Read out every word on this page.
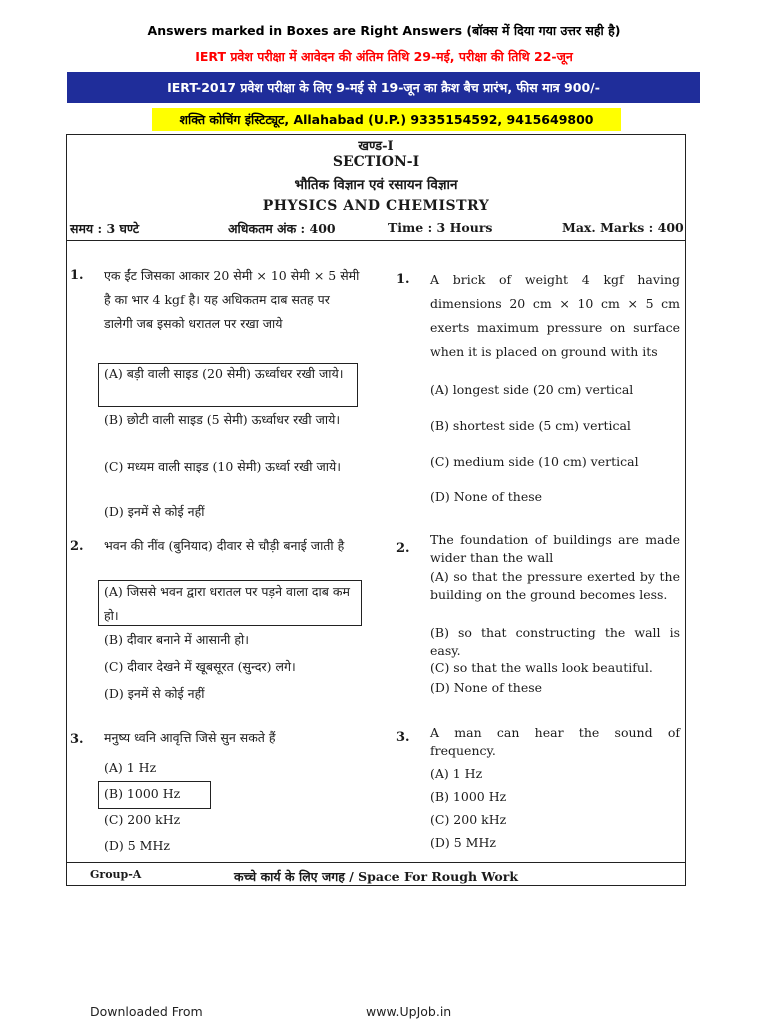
Answers marked in Boxes are Right Answers (बॉक्स में दिया गया उत्तर सही है)
IERT प्रवेश परीक्षा में आवेदन की अंतिम तिथि 29-मई, परीक्षा की तिथि 22-जून
IERT-2017 प्रवेश परीक्षा के लिए 9-मई से 19-जून का क्रैश बैच प्रारंभ, फीस मात्र 900/-
शक्ति कोचिंग इंस्टिट्यूट, Allahabad (U.P.) 9335154592, 9415649800
खण्ड-I
SECTION-I
भौतिक विज्ञान एवं रसायन विज्ञान
PHYSICS AND CHEMISTRY
समय : 3 घण्टे	अधिकतम अंक : 400	Time : 3 Hours	Max. Marks : 400
1. एक ईंट जिसका आकार 20 सेमी × 10 सेमी × 5 सेमी है का भार 4 kgf है। यह अधिकतम दाब सतह पर डालेगी जब इसको धरातल पर रखा जाये
(A) बड़ी वाली साइड (20 सेमी) ऊर्ध्वाधर रखी जाये।
(B) छोटी वाली साइड (5 सेमी) ऊर्ध्वाधर रखी जाये।
(C) मध्यम वाली साइड (10 सेमी) ऊर्ध्वा रखी जाये।
(D) इनमें से कोई नहीं
1. A brick of weight 4 kgf having dimensions 20 cm × 10 cm × 5 cm exerts maximum pressure on surface when it is placed on ground with its
(A) longest side (20 cm) vertical
(B) shortest side (5 cm) vertical
(C) medium side (10 cm) vertical
(D) None of these
2. भवन की नींव (बुनियाद) दीवार से चौड़ी बनाई जाती है
(A) जिससे भवन द्वारा धरातल पर पड़ने वाला दाब कम हो।
(B) दीवार बनाने में आसानी हो।
(C) दीवार देखने में खूबसूरत (सुन्दर) लगे।
(D) इनमें से कोई नहीं
2.
The foundation of buildings are made wider than the wall
(A) so that the pressure exerted by the building on the ground becomes less.
(B) so that constructing the wall is easy.
(C) so that the walls look beautiful.
(D) None of these
3. मनुष्य ध्वनि आवृत्ति जिसे सुन सकते हैं
(A) 1 Hz
(B) 1000 Hz
(C) 200 kHz
(D) 5 MHz
3. A man can hear the sound of frequency.
(A) 1 Hz
(B) 1000 Hz
(C) 200 kHz
(D) 5 MHz
Group-A	कच्चे कार्य के लिए जगह / Space For Rough Work
Downloaded From	www.UpJob.in
